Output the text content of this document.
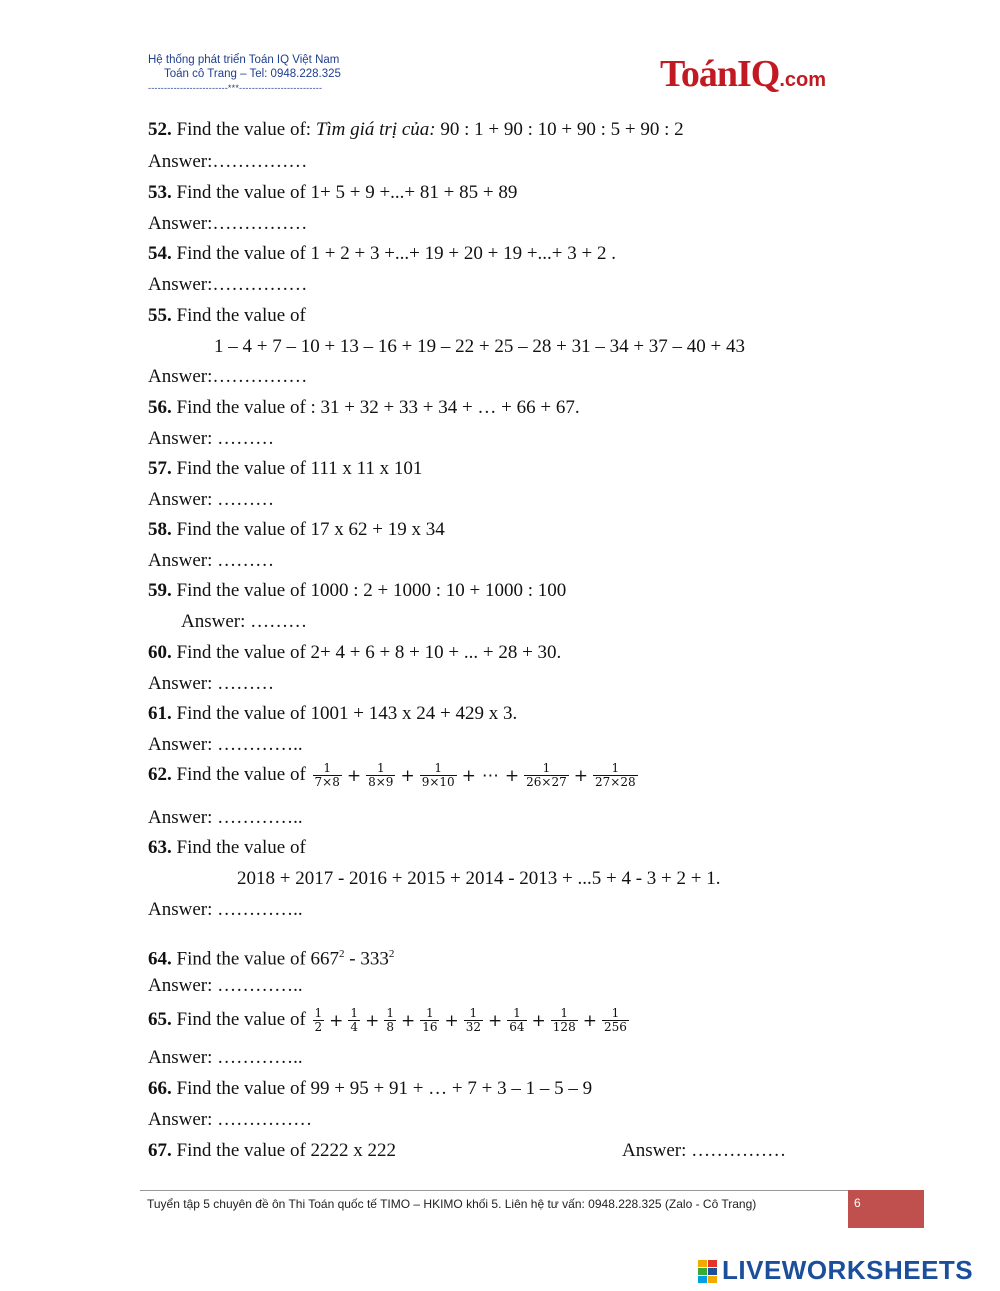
Hệ thống phát triển Toán IQ Việt Nam
Toán cô Trang – Tel: 0948.228.325
-------------------------***--------------------------	ToánIQ.com
52. Find the value of: Tìm giá trị của: 90 : 1 + 90 : 10 + 90 : 5 + 90 : 2
Answer:……………
53. Find the value of 1+ 5 + 9 +...+ 81 + 85 + 89
Answer:……………
54. Find the value of 1 + 2 + 3 +...+ 19 + 20 + 19 +...+ 3 + 2 .
Answer:……………
55. Find the value of
1 – 4 + 7 – 10 + 13 – 16 + 19 – 22 + 25 – 28 + 31 – 34 + 37 – 40 + 43
Answer:……………
56. Find the value of : 31 + 32 + 33 + 34 + … + 66 + 67.
Answer: ………
57. Find the value of 111 x 11 x 101
Answer: ………
58. Find the value of 17 x 62 + 19 x 34
Answer: ………
59. Find the value of 1000 : 2 + 1000 : 10 + 1000 : 100
Answer: ………
60. Find the value of 2+ 4 + 6 + 8 + 10 + ... + 28 + 30.
Answer: ………
61. Find the value of 1001 + 143 x 24 + 429 x 3.
Answer: …………..
62. Find the value of $\frac{1}{7\times 8} + \frac{1}{8\times 9} + \frac{1}{9\times 10}$ + ⋯ + $\frac{1}{26\times 27} + \frac{1}{27\times 28}$
Answer: …………..
63. Find the value of
2018 + 2017 - 2016 + 2015 + 2014 - 2013 + ...5 + 4 - 3 + 2 + 1.
Answer: …………..
64. Find the value of $667^2 - 333^2$
Answer: …………..
65. Find the value of $\frac{1}{2} + \frac{1}{4} + \frac{1}{8} + \frac{1}{16} + \frac{1}{32} + \frac{1}{64} + \frac{1}{128} + \frac{1}{256}$
Answer: …………..
66. Find the value of 99 + 95 + 91 + … + 7 + 3 – 1 – 5 – 9
Answer: ……………
67. Find the value of 2222 x 222	Answer: ……………
Tuyển tập 5 chuyên đề ôn Thi Toán quốc tế TIMO – HKIMO khối 5. Liên hệ tư vấn: 0948.228.325 (Zalo - Cô Trang)	6
LIVEWORKSHEETS
